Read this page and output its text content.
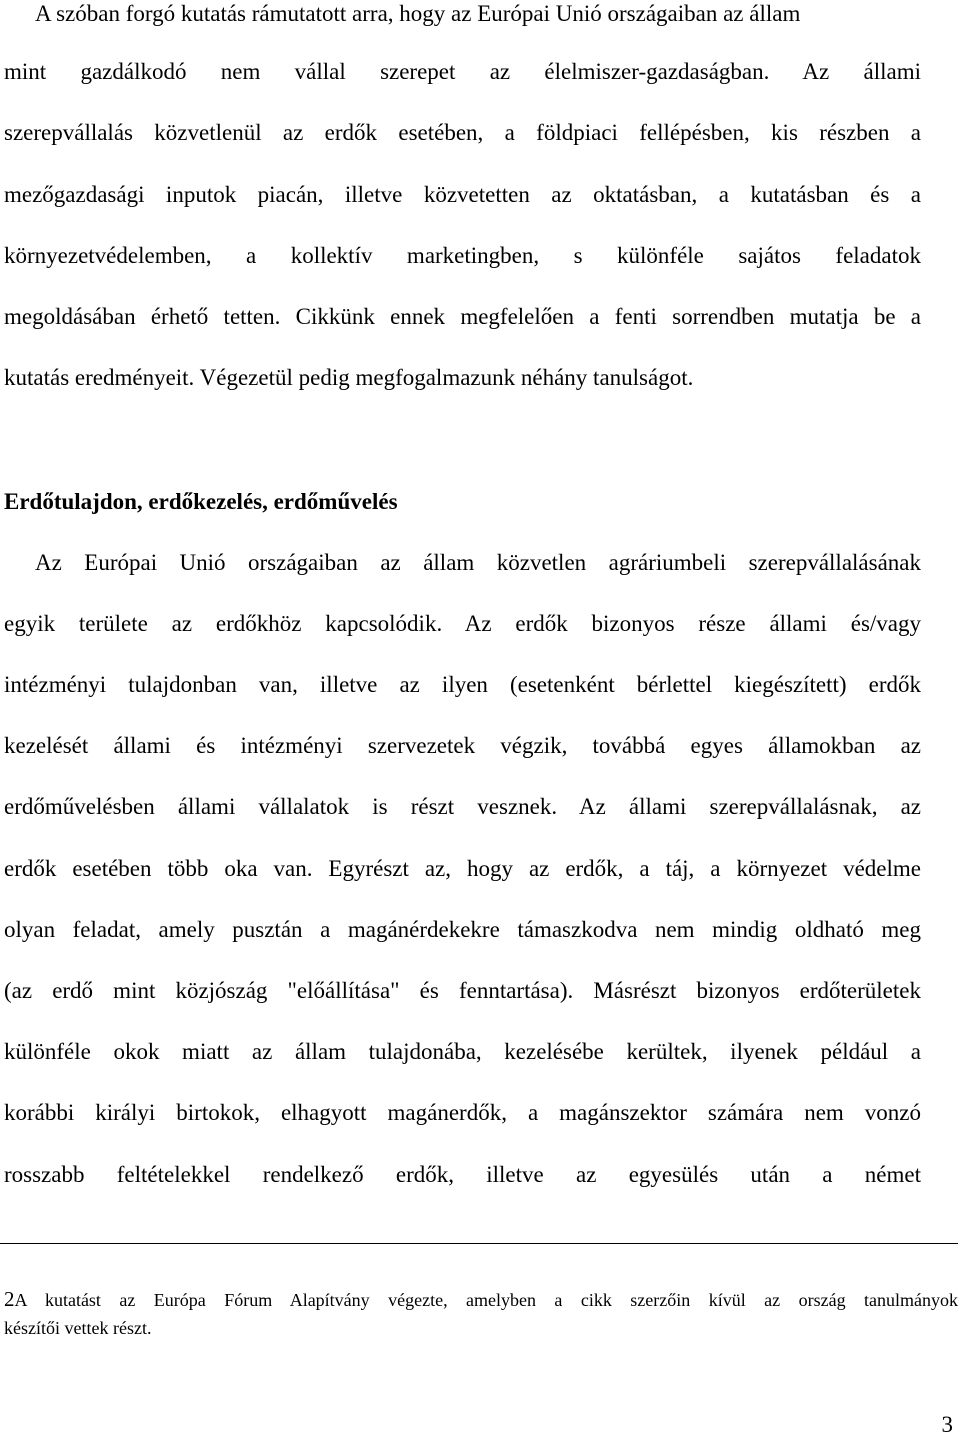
A szóban forgó kutatás rámutatott arra, hogy az Európai Unió országaiban az állam
mint gazdálkodó nem vállal szerepet az élelmiszer-gazdaságban. Az állami
szerepvállalás közvetlenül az erdők esetében, a földpiaci fellépésben, kis részben a
mezőgazdasági inputok piacán, illetve közvetetten az oktatásban, a kutatásban és a
környezetvédelemben, a kollektív marketingben, s különféle sajátos feladatok
megoldásában érhető tetten. Cikkünk ennek megfelelően a fenti sorrendben mutatja be a
kutatás eredményeit. Végezetül pedig megfogalmazunk néhány tanulságot.
Erdőtulajdon, erdőkezelés, erdőművelés
Az Európai Unió országaiban az állam közvetlen agráriumbeli szerepvállalásának
egyik területe az erdőkhöz kapcsolódik. Az erdők bizonyos része állami és/vagy
intézményi tulajdonban van, illetve az ilyen (esetenként bérlettel kiegészített) erdők
kezelését állami és intézményi szervezetek végzik, továbbá egyes államokban az
erdőművelésben állami vállalatok is részt vesznek. Az állami szerepvállalásnak, az
erdők esetében több oka van. Egyrészt az, hogy az erdők, a táj, a környezet védelme
olyan feladat, amely pusztán a magánérdekekre támaszkodva nem mindig oldható meg
(az erdő mint közjószág "előállítása" és fenntartása). Másrészt bizonyos erdőterületek
különféle okok miatt az állam tulajdonába, kezelésébe kerültek, ilyenek például a
korábbi királyi birtokok, elhagyott magánerdők, a magánszektor számára nem vonzó
rosszabb feltételekkel rendelkező erdők, illetve az egyesülés után a német
2A kutatást az Európa Fórum Alapítvány végezte, amelyben a cikk szerzőin kívül az ország tanulmányok
készítői vettek részt.
3
